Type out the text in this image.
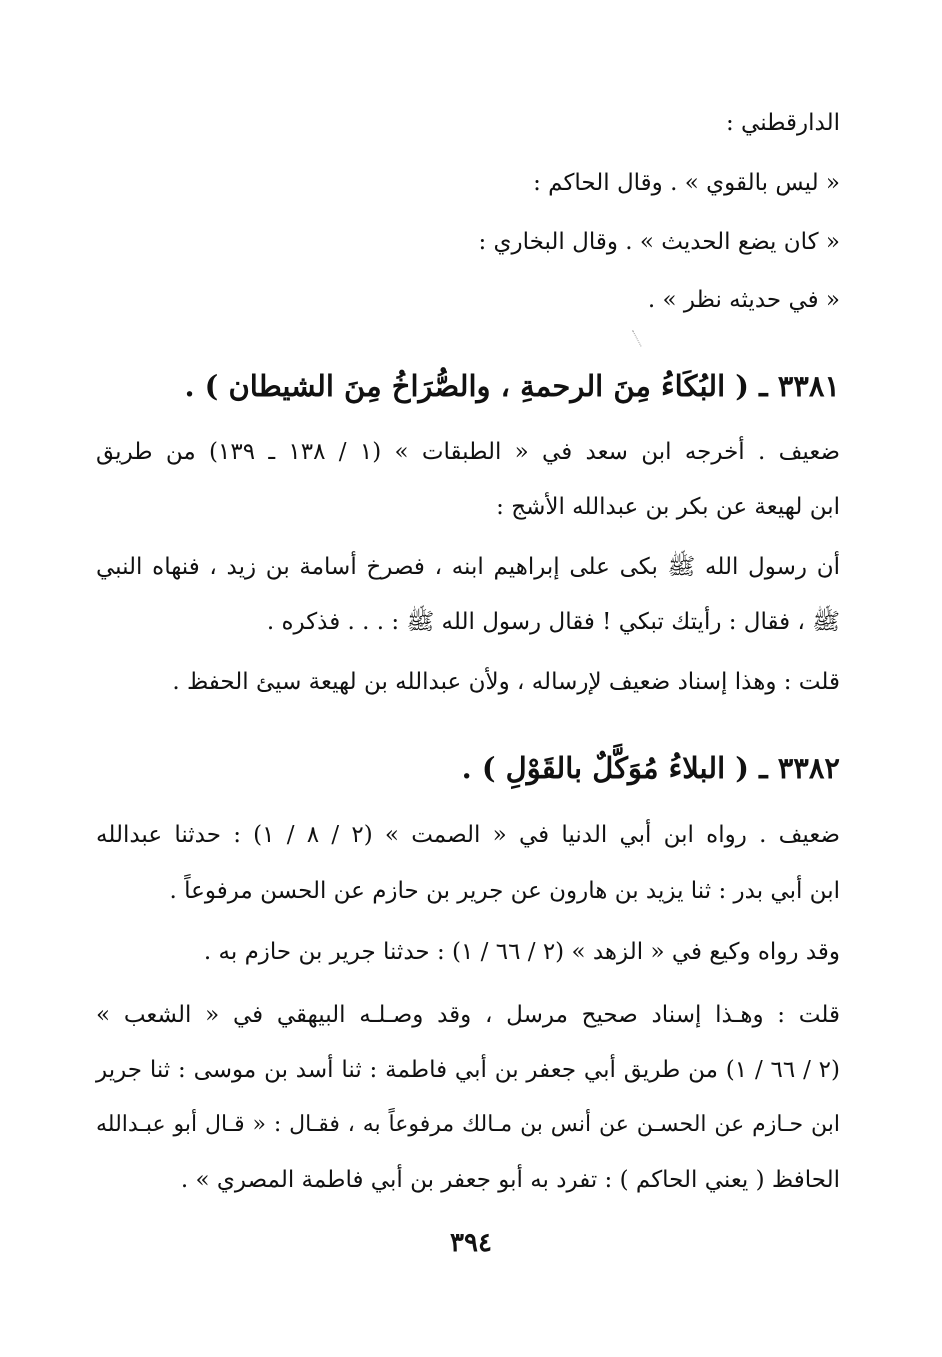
الدارقطني :
« ليس بالقوي » . وقال الحاكم :
« كان يضع الحديث » . وقال البخاري :
« في حديثه نظر » .
٣٣٨١ ـ ( البُكَاءُ مِنَ الرحمةِ ، والصُّرَاخُ مِنَ الشيطان ) .
ضعيف . أخرجه ابن سعد في « الطبقات » (١ / ١٣٨ ـ ١٣٩) من طريق
ابن لهيعة عن بكر بن عبدالله الأشج :
أن رسول الله ﷺ بكى على إبراهيم ابنه ، فصرخ أسامة بن زيد ، فنهاه النبي
ﷺ ، فقال : رأيتك تبكي ! فقال رسول الله ﷺ : . . . فذكره .
قلت : وهذا إسناد ضعيف لإرساله ، ولأن عبدالله بن لهيعة سيئ الحفظ .
٣٣٨٢ ـ ( البلاءُ مُوَكَّلٌ بالقَوْلِ ) .
ضعيف . رواه ابن أبي الدنيا في « الصمت » (٢ / ٨ / ١) : حدثنا عبدالله
ابن أبي بدر : ثنا يزيد بن هارون عن جرير بن حازم عن الحسن مرفوعاً .
وقد رواه وكيع في « الزهد » (٢ / ٦٦ / ١) : حدثنا جرير بن حازم به .
قلت : وهـذا إسناد صحيح مرسل ، وقد وصـلـه البيهقي في « الشعب »
(٢ / ٦٦ / ١) من طريق أبي جعفر بن أبي فاطمة : ثنا أسد بن موسى : ثنا جرير
ابن حـازم عن الحسـن عن أنس بن مـالك مرفوعاً به ، فقـال : « قـال أبو عبـدالله
الحافظ ( يعني الحاكم ) : تفرد به أبو جعفر بن أبي فاطمة المصري » .
٣٩٤
